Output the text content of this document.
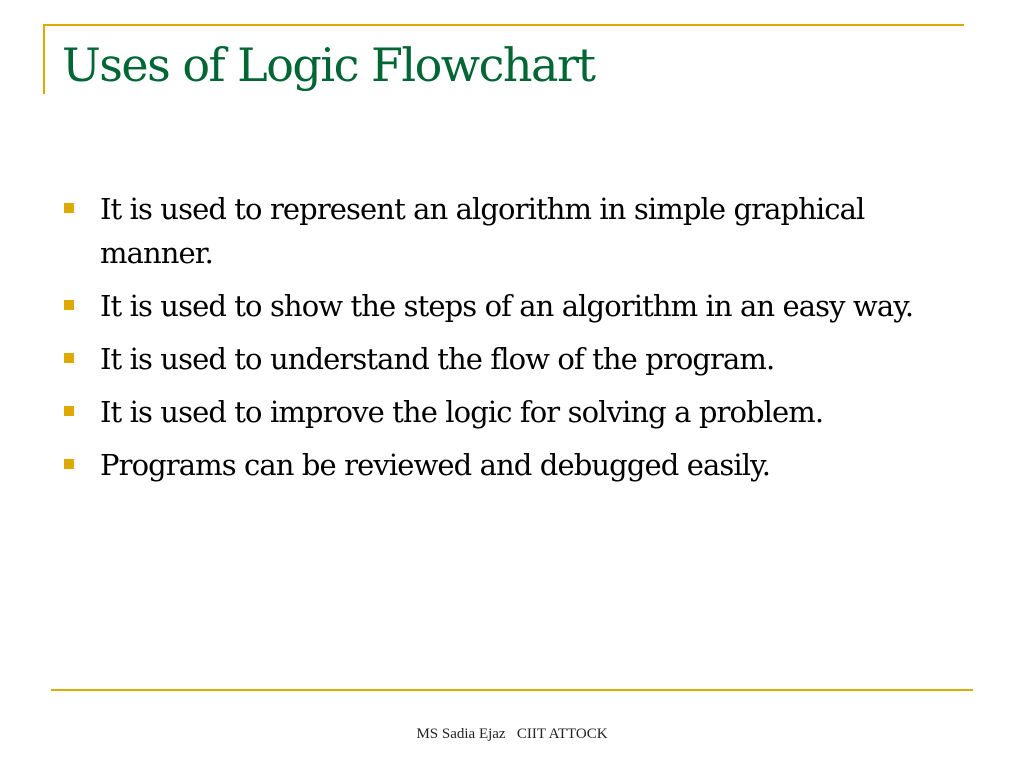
Uses of Logic Flowchart
It is used to represent an algorithm in simple graphical manner.
It is used to show the steps of an algorithm in an easy way.
It is used to understand the flow of the program.
It is used to improve the logic for solving a problem.
Programs can be reviewed and debugged easily.
MS Sadia Ejaz   CIIT ATTOCK
